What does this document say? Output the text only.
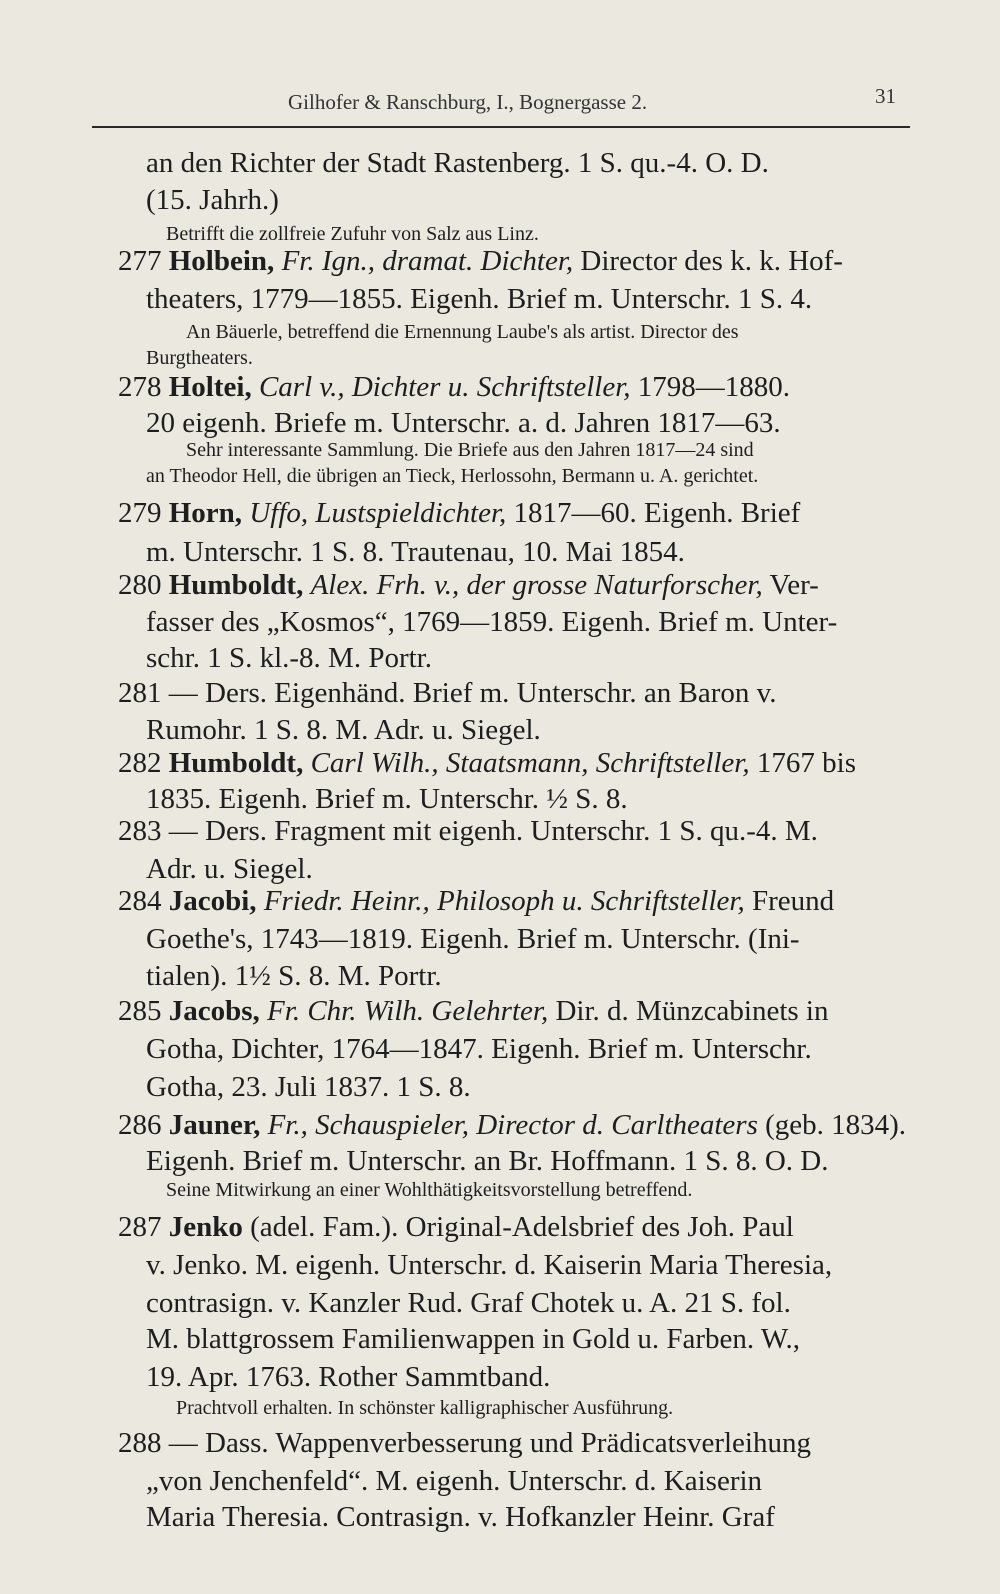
Gilhofer & Ranschburg, I., Bognergasse 2.	31
an den Richter der Stadt Rastenberg. 1 S. qu.-4. O. D.
(15. Jahrh.)
Betrifft die zollfreie Zufuhr von Salz aus Linz.
277 Holbein, Fr. Ign., dramat. Dichter, Director des k. k. Hof-
theaters, 1779—1855. Eigenh. Brief m. Unterschr. 1 S. 4.
An Bäuerle, betreffend die Ernennung Laube's als artist. Director des
Burgtheaters.
278 Holtei, Carl v., Dichter u. Schriftsteller, 1798—1880.
20 eigenh. Briefe m. Unterschr. a. d. Jahren 1817—63.
Sehr interessante Sammlung. Die Briefe aus den Jahren 1817—24 sind
an Theodor Hell, die übrigen an Tieck, Herlossohn, Bermann u. A. gerichtet.
279 Horn, Uffo, Lustspieldichter, 1817—60. Eigenh. Brief
m. Unterschr. 1 S. 8. Trautenau, 10. Mai 1854.
280 Humboldt, Alex. Frh. v., der grosse Naturforscher, Ver-
fasser des „Kosmos“, 1769—1859. Eigenh. Brief m. Unter-
schr. 1 S. kl.-8. M. Portr.
281 — Ders. Eigenhänd. Brief m. Unterschr. an Baron v.
Rumohr. 1 S. 8. M. Adr. u. Siegel.
282 Humboldt, Carl Wilh., Staatsmann, Schriftsteller, 1767 bis
1835. Eigenh. Brief m. Unterschr. ½ S. 8.
283 — Ders. Fragment mit eigenh. Unterschr. 1 S. qu.-4. M.
Adr. u. Siegel.
284 Jacobi, Friedr. Heinr., Philosoph u. Schriftsteller, Freund
Goethe's, 1743—1819. Eigenh. Brief m. Unterschr. (Ini-
tialen). 1½ S. 8. M. Portr.
285 Jacobs, Fr. Chr. Wilh. Gelehrter, Dir. d. Münzcabinets in
Gotha, Dichter, 1764—1847. Eigenh. Brief m. Unterschr.
Gotha, 23. Juli 1837. 1 S. 8.
286 Jauner, Fr., Schauspieler, Director d. Carltheaters (geb. 1834).
Eigenh. Brief m. Unterschr. an Br. Hoffmann. 1 S. 8. O. D.
Seine Mitwirkung an einer Wohlthätigkeitsvorstellung betreffend.
287 Jenko (adel. Fam.). Original-Adelsbrief des Joh. Paul
v. Jenko. M. eigenh. Unterschr. d. Kaiserin Maria Theresia,
contrasign. v. Kanzler Rud. Graf Chotek u. A. 21 S. fol.
M. blattgrossem Familienwappen in Gold u. Farben. W.,
19. Apr. 1763. Rother Sammtband.
Prachtvoll erhalten. In schönster kalligraphischer Ausführung.
288 — Dass. Wappenverbesserung und Prädicatsverleihung
„von Jenchenfeld“. M. eigenh. Unterschr. d. Kaiserin
Maria Theresia. Contrasign. v. Hofkanzler Heinr. Graf
